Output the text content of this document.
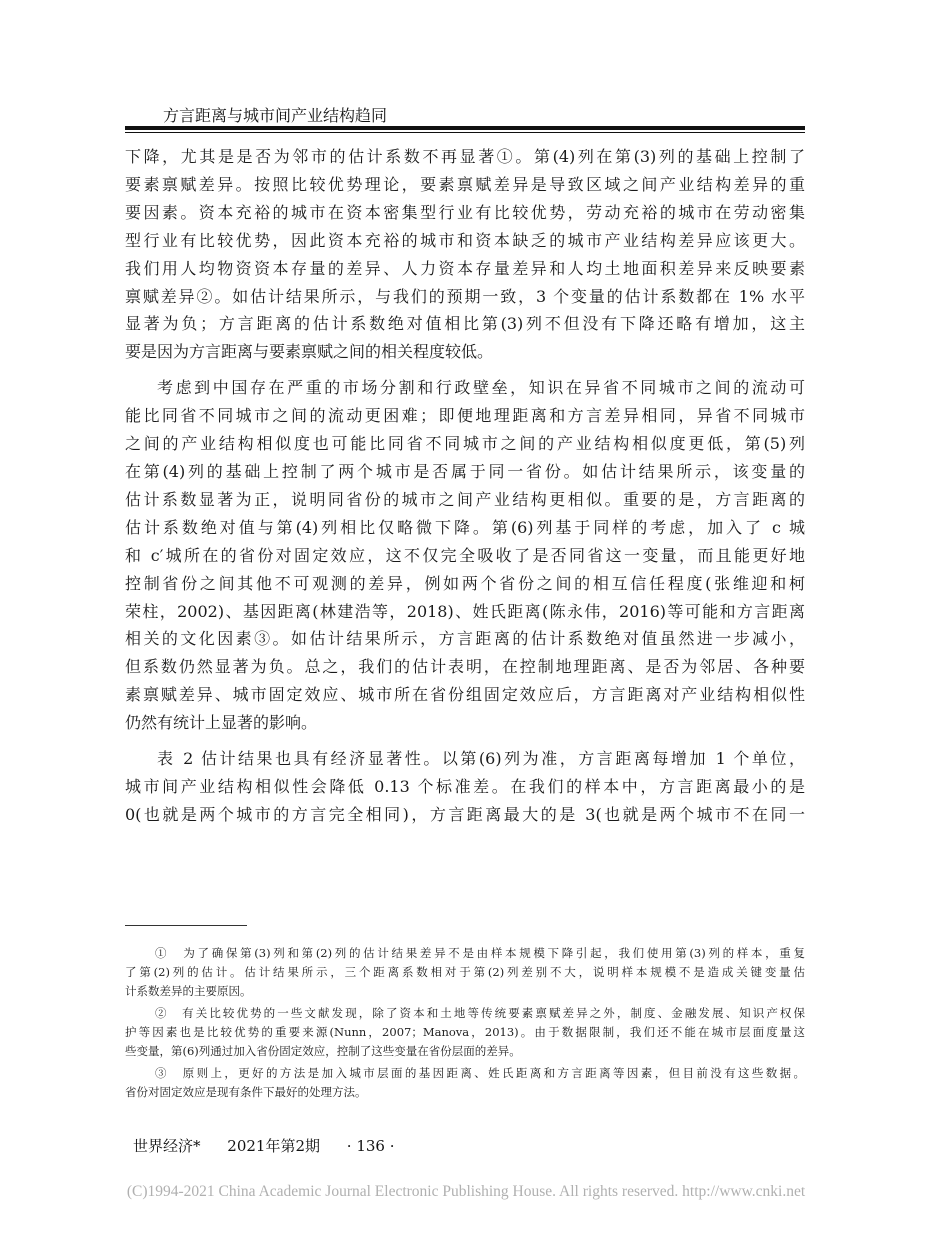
方言距离与城市间产业结构趋同

下降，尤其是是否为邻市的估计系数不再显著①。第(4)列在第(3)列的基础上控制了
要素禀赋差异。按照比较优势理论，要素禀赋差异是导致区域之间产业结构差异的重
要因素。资本充裕的城市在资本密集型行业有比较优势，劳动充裕的城市在劳动密集
型行业有比较优势，因此资本充裕的城市和资本缺乏的城市产业结构差异应该更大。
我们用人均物资资本存量的差异、人力资本存量差异和人均土地面积差异来反映要素
禀赋差异②。如估计结果所示，与我们的预期一致，3 个变量的估计系数都在 1% 水平
显著为负；方言距离的估计系数绝对值相比第(3)列不但没有下降还略有增加，这主
要是因为方言距离与要素禀赋之间的相关程度较低。

考虑到中国存在严重的市场分割和行政壁垒，知识在异省不同城市之间的流动可
能比同省不同城市之间的流动更困难；即便地理距离和方言差异相同，异省不同城市
之间的产业结构相似度也可能比同省不同城市之间的产业结构相似度更低，第(5)列
在第(4)列的基础上控制了两个城市是否属于同一省份。如估计结果所示，该变量的
估计系数显著为正，说明同省份的城市之间产业结构更相似。重要的是，方言距离的
估计系数绝对值与第(4)列相比仅略微下降。第(6)列基于同样的考虑，加入了 c 城
和 c′城所在的省份对固定效应，这不仅完全吸收了是否同省这一变量，而且能更好地
控制省份之间其他不可观测的差异，例如两个省份之间的相互信任程度(张维迎和柯
荣柱，2002)、基因距离(林建浩等，2018)、姓氏距离(陈永伟，2016)等可能和方言距离
相关的文化因素③。如估计结果所示，方言距离的估计系数绝对值虽然进一步减小，
但系数仍然显著为负。总之，我们的估计表明，在控制地理距离、是否为邻居、各种要
素禀赋差异、城市固定效应、城市所在省份组固定效应后，方言距离对产业结构相似性
仍然有统计上显著的影响。

表 2 估计结果也具有经济显著性。以第(6)列为准，方言距离每增加 1 个单位，
城市间产业结构相似性会降低 0.13 个标准差。在我们的样本中，方言距离最小的是
0(也就是两个城市的方言完全相同)，方言距离最大的是 3(也就是两个城市不在同一

①　为了确保第(3)列和第(2)列的估计结果差异不是由样本规模下降引起，我们使用第(3)列的样本，重复
了第(2)列的估计。估计结果所示，三个距离系数相对于第(2)列差别不大，说明样本规模不是造成关键变量估
计系数差异的主要原因。
②　有关比较优势的一些文献发现，除了资本和土地等传统要素禀赋差异之外，制度、金融发展、知识产权保
护等因素也是比较优势的重要来源(Nunn，2007；Manova，2013)。由于数据限制，我们还不能在城市层面度量这
些变量，第(6)列通过加入省份固定效应，控制了这些变量在省份层面的差异。
③　原则上，更好的方法是加入城市层面的基因距离、姓氏距离和方言距离等因素，但目前没有这些数据。
省份对固定效应是现有条件下最好的处理方法。
世界经济* 2021年第2期 · 136 ·
(C)1994-2021 China Academic Journal Electronic Publishing House. All rights reserved. http://www.cnki.net
